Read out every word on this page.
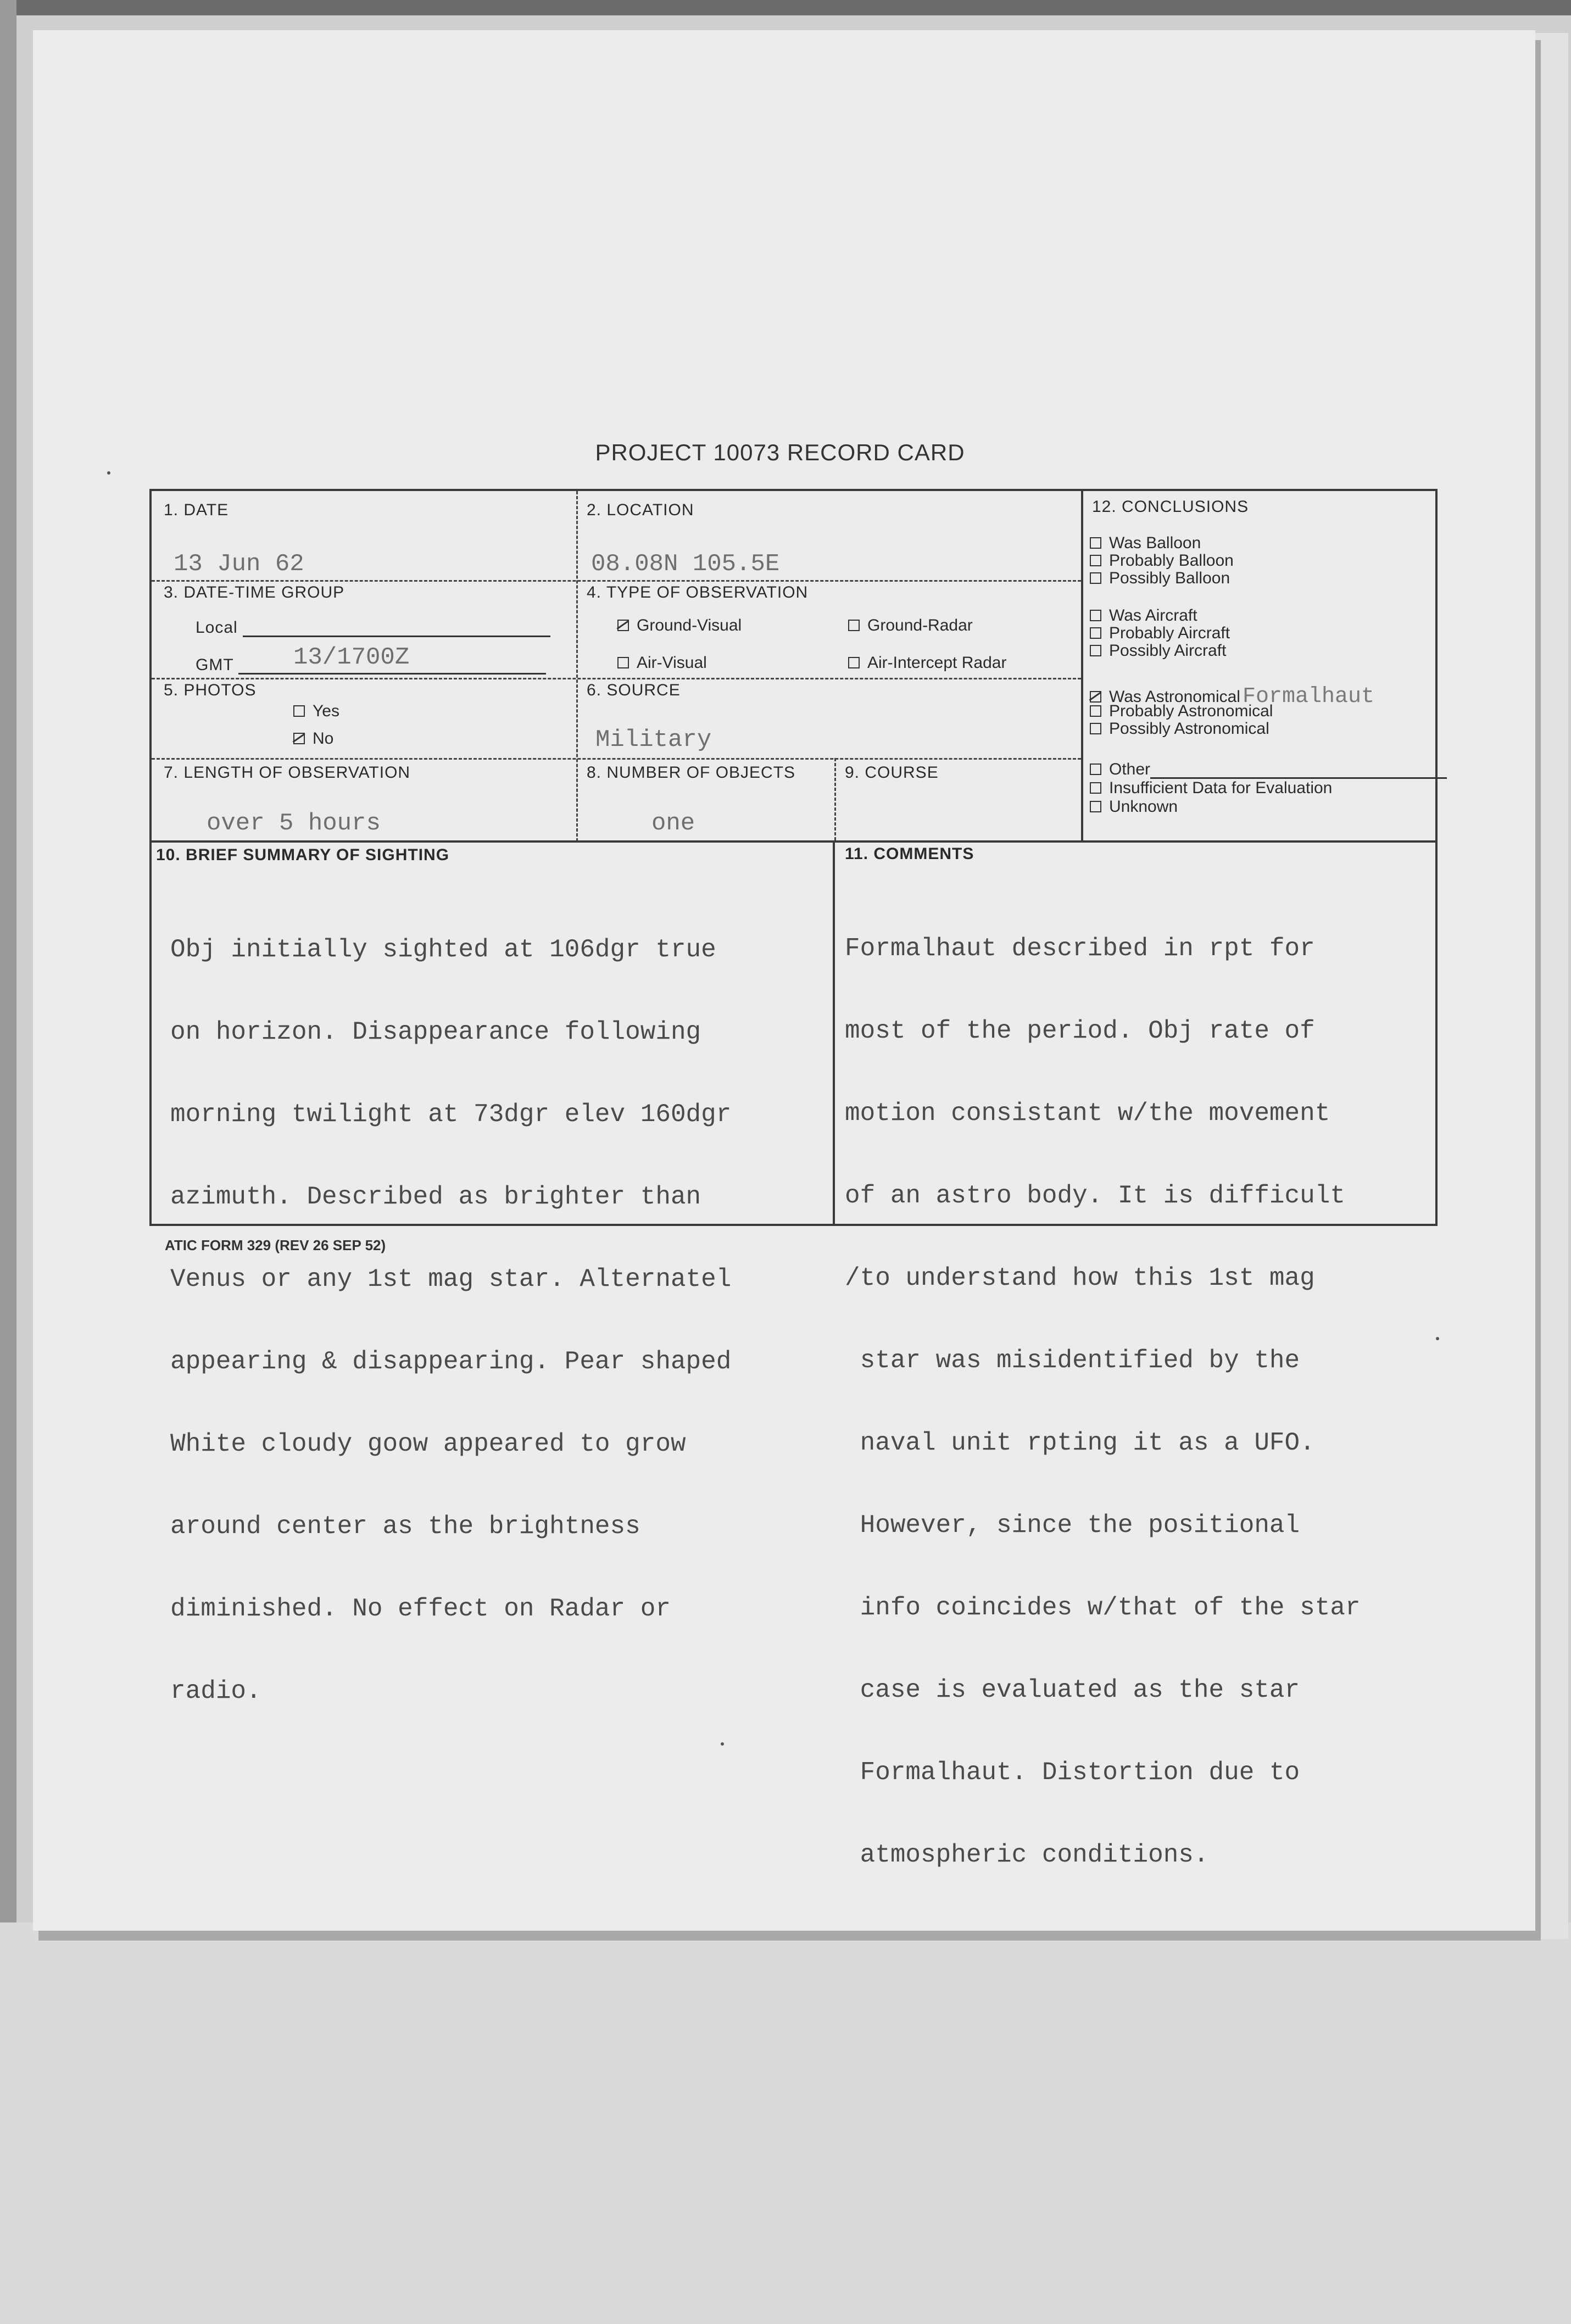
PROJECT 10073 RECORD CARD
1. DATE
13 Jun 62
2. LOCATION
08.08N 105.5E
3. DATE-TIME GROUP
Local
GMT	13/1700Z
4. TYPE OF OBSERVATION
Ground-Visual	Ground-Radar
Air-Visual	Air-Intercept Radar
5. PHOTOS
Yes
No
6. SOURCE
Military
7. LENGTH OF OBSERVATION
over 5 hours
8. NUMBER OF OBJECTS
one
9. COURSE
12. CONCLUSIONS
Was Balloon
Probably Balloon
Possibly Balloon
Was Aircraft
Probably Aircraft
Possibly Aircraft
Was Astronomical Formalhaut
Probably Astronomical
Possibly Astronomical
Other
Insufficient Data for Evaluation
Unknown
10. BRIEF SUMMARY OF SIGHTING

Obj initially sighted at 106dgr true

on horizon. Disappearance following

morning twilight at 73dgr elev 160dgr

azimuth. Described as brighter than

Venus or any 1st mag star. Alternatel

appearing & disappearing. Pear shaped

White cloudy goow appeared to grow

around center as the brightness

diminished. No effect on Radar or

radio.

11. COMMENTS

Formalhaut described in rpt for

most of the period. Obj rate of

motion consistant w/the movement

of an astro body. It is difficult

/to understand how this 1st mag

star was misidentified by the

naval unit rpting it as a UFO.

However, since the positional

info coincides w/that of the star

case is evaluated as the star

Formalhaut. Distortion due to

atmospheric conditions.

ATIC FORM 329 (REV 26 SEP 52)
